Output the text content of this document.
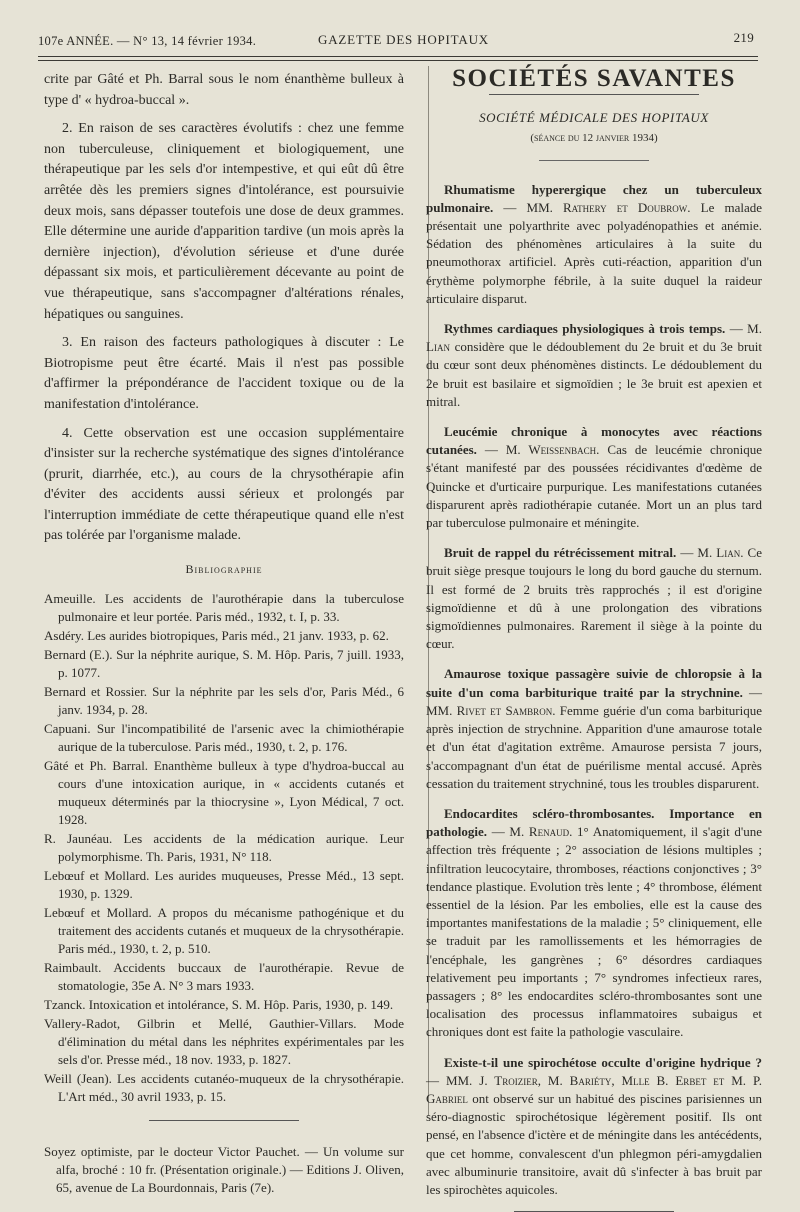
107e ANNÉE. — N° 13, 14 février 1934.	GAZETTE DES HOPITAUX	219

crite par Gâté et Ph. Barral sous le nom énanthème bulleux à type d' « hydroa-buccal ».

2. En raison de ses caractères évolutifs : chez une femme non tuberculeuse, cliniquement et biologiquement, une thérapeutique par les sels d'or intempestive, et qui eût dû être arrêtée dès les premiers signes d'intolérance, est poursuivie deux mois, sans dépasser toutefois une dose de deux grammes. Elle détermine une auride d'apparition tardive (un mois après la dernière injection), d'évolution sérieuse et d'une durée dépassant six mois, et particulièrement décevante au point de vue thérapeutique, sans s'accompagner d'altérations rénales, hépatiques ou sanguines.

3. En raison des facteurs pathologiques à discuter : Le Biotropisme peut être écarté. Mais il n'est pas possible d'affirmer la prépondérance de l'accident toxique ou de la manifestation d'intolérance.

4. Cette observation est une occasion supplémentaire d'insister sur la recherche systématique des signes d'intolérance (prurit, diarrhée, etc.), au cours de la chrysothérapie afin d'éviter des accidents aussi sérieux et prolongés par l'interruption immédiate de cette thérapeutique quand elle n'est pas tolérée par l'organisme malade.

Bibliographie

Ameuille. Les accidents de l'aurothérapie dans la tuberculose pulmonaire et leur portée. Paris méd., 1932, t. I, p. 33.

Asdéry. Les aurides biotropiques, Paris méd., 21 janv. 1933, p. 62.

Bernard (E.). Sur la néphrite aurique, S. M. Hôp. Paris, 7 juill. 1933, p. 1077.

Bernard et Rossier. Sur la néphrite par les sels d'or, Paris Méd., 6 janv. 1934, p. 28.

Capuani. Sur l'incompatibilité de l'arsenic avec la chimiothérapie aurique de la tuberculose. Paris méd., 1930, t. 2, p. 176.

Gâté et Ph. Barral. Enanthème bulleux à type d'hydroa-buccal au cours d'une intoxication aurique, in « accidents cutanés et muqueux déterminés par la thiocrysine », Lyon Médical, 7 oct. 1928.

R. Jaunéau. Les accidents de la médication aurique. Leur polymorphisme. Th. Paris, 1931, N° 118.

Lebœuf et Mollard. Les aurides muqueuses, Presse Méd., 13 sept. 1930, p. 1329.

Lebœuf et Mollard. A propos du mécanisme pathogénique et du traitement des accidents cutanés et muqueux de la chrysothérapie. Paris méd., 1930, t. 2, p. 510.

Raimbault. Accidents buccaux de l'aurothérapie. Revue de stomatologie, 35e A. N° 3 mars 1933.

Tzanck. Intoxication et intolérance, S. M. Hôp. Paris, 1930, p. 149.

Vallery-Radot, Gilbrin et Mellé, Gauthier-Villars. Mode d'élimination du métal dans les néphrites expérimentales par les sels d'or. Presse méd., 18 nov. 1933, p. 1827.

Weill (Jean). Les accidents cutanéo-muqueux de la chrysothérapie. L'Art méd., 30 avril 1933, p. 15.

Soyez optimiste, par le docteur Victor Pauchet. — Un volume sur alfa, broché : 10 fr. (Présentation originale.) — Editions J. Oliven, 65, avenue de La Bourdonnais, Paris (7e).

SOCIÉTÉS SAVANTES
SOCIÉTÉ MÉDICALE DES HOPITAUX
(séance du 12 janvier 1934)

Rhumatisme hyperergique chez un tuberculeux pulmonaire. — MM. Rathery et Doubrow. Le malade présentait une polyarthrite avec polyadénopathies et anémie. Sédation des phénomènes articulaires à la suite du pneumothorax artificiel. Après cuti-réaction, apparition d'un érythème polymorphe fébrile, à la suite duquel la raideur articulaire disparut.

Rythmes cardiaques physiologiques à trois temps. — M. Lian considère que le dédoublement du 2e bruit et du 3e bruit du cœur sont deux phénomènes distincts. Le dédoublement du 2e bruit est basilaire et sigmoïdien ; le 3e bruit est apexien et mitral.

Leucémie chronique à monocytes avec réactions cutanées. — M. Weissenbach. Cas de leucémie chronique s'étant manifesté par des poussées récidivantes d'œdème de Quincke et d'urticaire purpurique. Les manifestations cutanées disparurent après radiothérapie cutanée. Mort un an plus tard par tuberculose pulmonaire et méningite.

Bruit de rappel du rétrécissement mitral. — M. Lian. Ce bruit siège presque toujours le long du bord gauche du sternum. Il est formé de 2 bruits très rapprochés ; il est d'origine sigmoïdienne et dû à une prolongation des vibrations sigmoïdiennes pulmonaires. Rarement il siège à la pointe du cœur.

Amaurose toxique passagère suivie de chloropsie à la suite d'un coma barbiturique traité par la strychnine. — MM. Rivet et Sambron. Femme guérie d'un coma barbiturique après injection de strychnine. Apparition d'une amaurose totale et d'un état d'agitation extrême. Amaurose persista 7 jours, s'accompagnant d'un état de puérilisme mental accusé. Après cessation du traitement strychniné, tous les troubles disparurent.

Endocardites scléro-thrombosantes. Importance en pathologie. — M. Renaud. 1° Anatomiquement, il s'agit d'une affection très fréquente ; 2° association de lésions multiples ; infiltration leucocytaire, thromboses, réactions conjonctives ; 3° tendance plastique. Evolution très lente ; 4° thrombose, élément essentiel de la lésion. Par les embolies, elle est la cause des importantes manifestations de la maladie ; 5° cliniquement, elle se traduit par les ramollissements et les hémorragies de l'encéphale, les gangrènes ; 6° désordres cardiaques relativement peu importants ; 7° syndromes infectieux rares, passagers ; 8° les endocardites scléro-thrombosantes sont une localisation des processus inflammatoires subaigus et chroniques dont est faite la pathologie vasculaire.

Existe-t-il une spirochétose occulte d'origine hydrique ? — MM. J. Troizier, M. Bariéty, Mlle B. Erbet et M. P. Gabriel ont observé sur un habitué des piscines parisiennes un séro-diagnostic spirochétosique légèrement positif. Ils ont pensé, en l'absence d'ictère et de méningite dans les antécédents, que cet homme, convalescent d'un phlegmon péri-amygdalien avec albuminurie transitoire, avait dû s'infecter à bas bruit par les spirochètes aquicoles.
